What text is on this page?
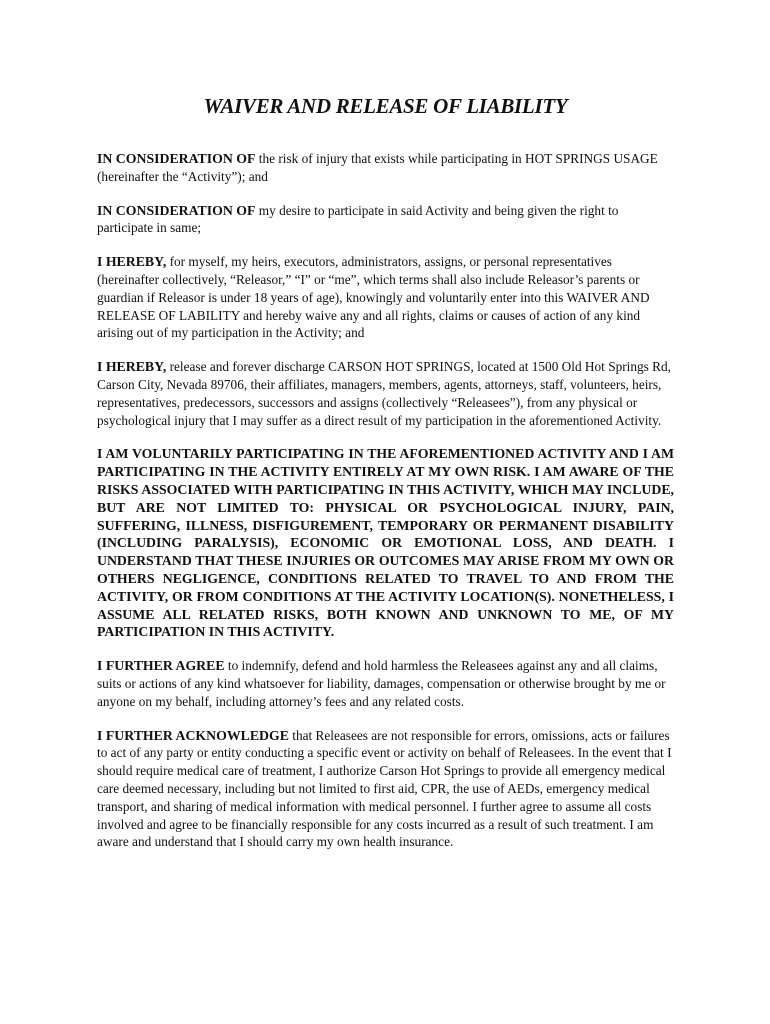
WAIVER AND RELEASE OF LIABILITY

IN CONSIDERATION OF the risk of injury that exists while participating in HOT SPRINGS USAGE (hereinafter the “Activity”); and

IN CONSIDERATION OF my desire to participate in said Activity and being given the right to participate in same;

I HEREBY, for myself, my heirs, executors, administrators, assigns, or personal representatives (hereinafter collectively, “Releasor,” “I” or “me”, which terms shall also include Releasor’s parents or guardian if Releasor is under 18 years of age), knowingly and voluntarily enter into this WAIVER AND RELEASE OF LABILITY and hereby waive any and all rights, claims or causes of action of any kind arising out of my participation in the Activity; and

I HEREBY, release and forever discharge CARSON HOT SPRINGS, located at 1500 Old Hot Springs Rd, Carson City, Nevada 89706, their affiliates, managers, members, agents, attorneys, staff, volunteers, heirs, representatives, predecessors, successors and assigns (collectively “Releasees”), from any physical or psychological injury that I may suffer as a direct result of my participation in the aforementioned Activity.

I AM VOLUNTARILY PARTICIPATING IN THE AFOREMENTIONED ACTIVITY AND I AM PARTICIPATING IN THE ACTIVITY ENTIRELY AT MY OWN RISK. I AM AWARE OF THE RISKS ASSOCIATED WITH PARTICIPATING IN THIS ACTIVITY, WHICH MAY INCLUDE, BUT ARE NOT LIMITED TO: PHYSICAL OR PSYCHOLOGICAL INJURY, PAIN, SUFFERING, ILLNESS, DISFIGUREMENT, TEMPORARY OR PERMANENT DISABILITY (INCLUDING PARALYSIS), ECONOMIC OR EMOTIONAL LOSS, AND DEATH. I UNDERSTAND THAT THESE INJURIES OR OUTCOMES MAY ARISE FROM MY OWN OR OTHERS NEGLIGENCE, CONDITIONS RELATED TO TRAVEL TO AND FROM THE ACTIVITY, OR FROM CONDITIONS AT THE ACTIVITY LOCATION(S). NONETHELESS, I ASSUME ALL RELATED RISKS, BOTH KNOWN AND UNKNOWN TO ME, OF MY PARTICIPATION IN THIS ACTIVITY.

I FURTHER AGREE to indemnify, defend and hold harmless the Releasees against any and all claims, suits or actions of any kind whatsoever for liability, damages, compensation or otherwise brought by me or anyone on my behalf, including attorney’s fees and any related costs.

I FURTHER ACKNOWLEDGE that Releasees are not responsible for errors, omissions, acts or failures to act of any party or entity conducting a specific event or activity on behalf of Releasees. In the event that I should require medical care of treatment, I authorize Carson Hot Springs to provide all emergency medical care deemed necessary, including but not limited to first aid, CPR, the use of AEDs, emergency medical transport, and sharing of medical information with medical personnel. I further agree to assume all costs involved and agree to be financially responsible for any costs incurred as a result of such treatment. I am aware and understand that I should carry my own health insurance.
